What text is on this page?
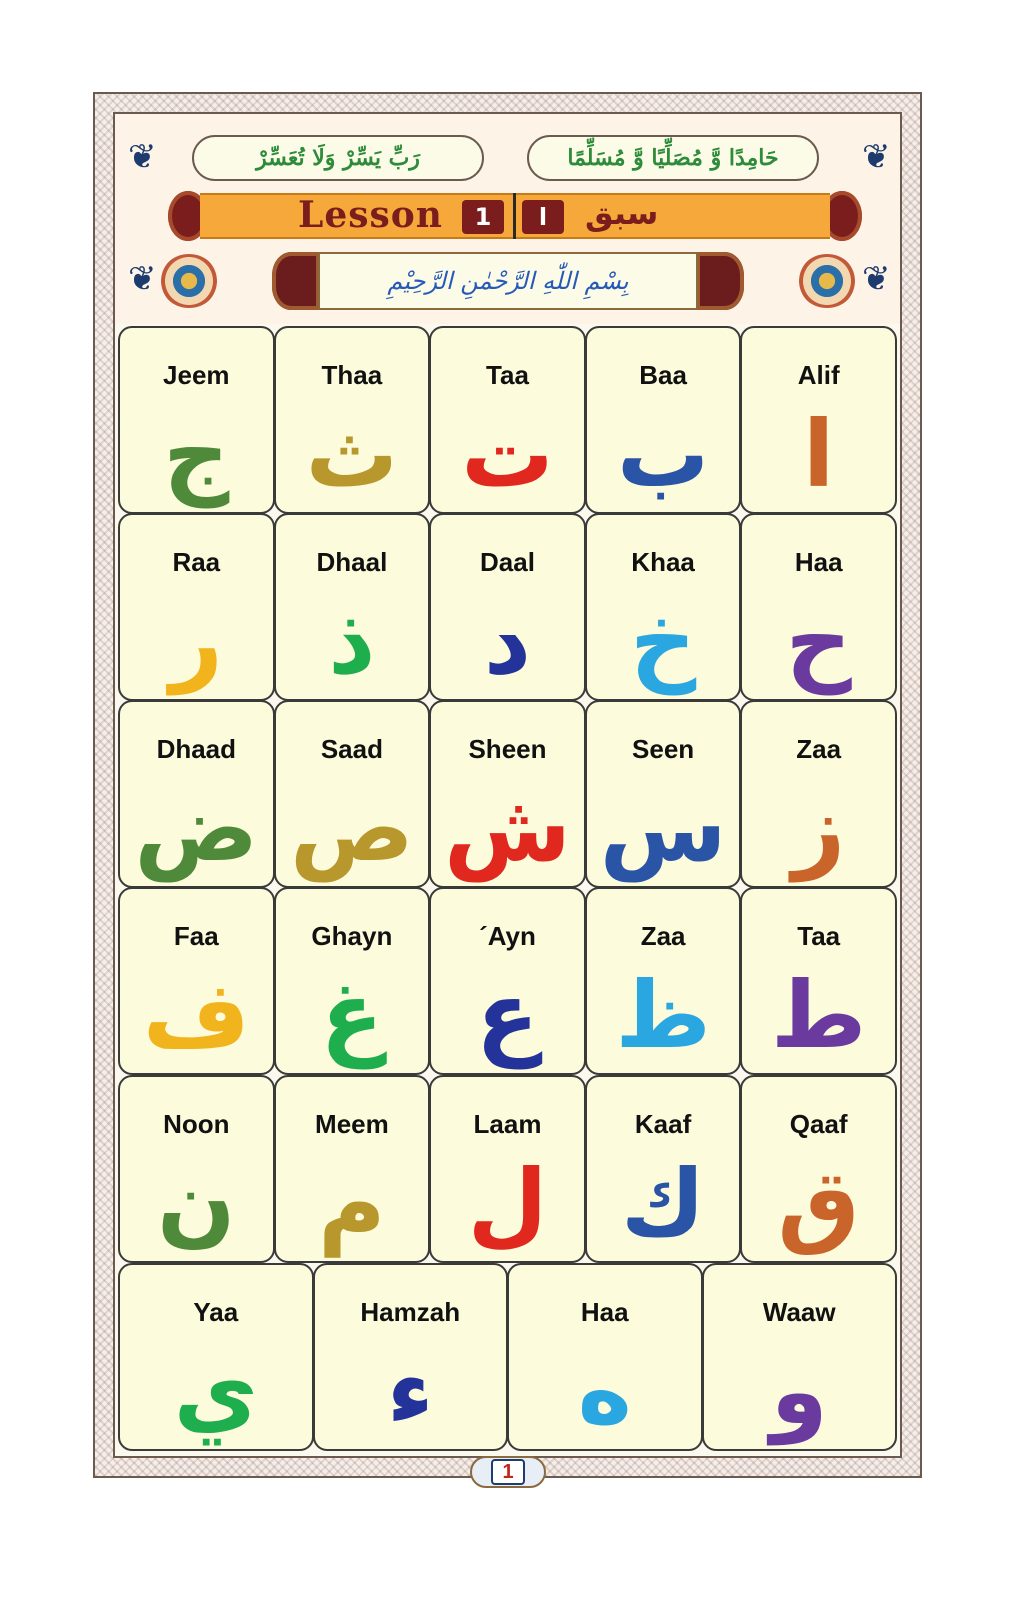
❦	❦
❦	❦
رَبِّ يَسِّرْ وَلَا تُعَسِّرْ	حَامِدًا وَّ مُصَلِّيًا وَّ مُسَلِّمًا
Lesson	1	ا	سبق
بِسْمِ اللّٰهِ الرَّحْمٰنِ الرَّحِيْمِ
Jeem
ج
Thaa
ث
Taa
ت
Baa
ب
Alif
ا
Raa
ر
Dhaal
ذ
Daal
د
Khaa
خ
Haa
ح
Dhaad
ض
Saad
ص
Sheen
ش
Seen
س
Zaa
ز
Faa
ف
Ghayn
غ
´Ayn
ع
Zaa
ظ
Taa
ط
Noon
ن
Meem
م
Laam
ل
Kaaf
ك
Qaaf
ق
Yaa
ي
Hamzah
ء
Haa
ه
Waaw
و
1
